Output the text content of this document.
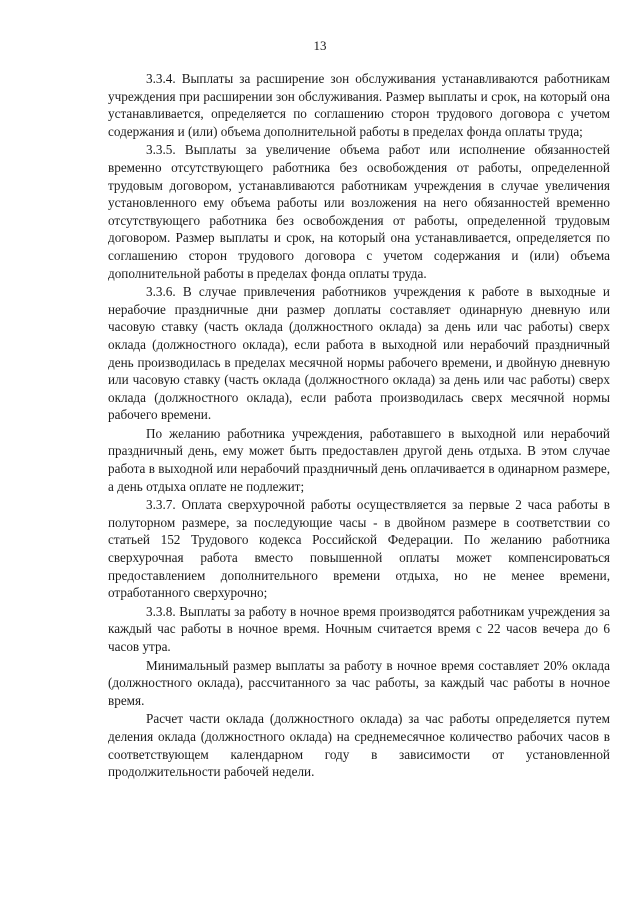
13

3.3.4. Выплаты за расширение зон обслуживания устанавливаются работникам учреждения при расширении зон обслуживания. Размер выплаты и срок, на который она устанавливается, определяется по соглашению сторон трудового договора с учетом содержания и (или) объема дополнительной работы в пределах фонда оплаты труда;

3.3.5. Выплаты за увеличение объема работ или исполнение обязанностей временно отсутствующего работника без освобождения от работы, определенной трудовым договором, устанавливаются работникам учреждения в случае увеличения установленного ему объема работы или возложения на него обязанностей временно отсутствующего работника без освобождения от работы, определенной трудовым договором. Размер выплаты и срок, на который она устанавливается, определяется по соглашению сторон трудового договора с учетом содержания и (или) объема дополнительной работы в пределах фонда оплаты труда.

3.3.6. В случае привлечения работников учреждения к работе в выходные и нерабочие праздничные дни размер доплаты составляет одинарную дневную или часовую ставку (часть оклада (должностного оклада) за день или час работы) сверх оклада (должностного оклада), если работа в выходной или нерабочий праздничный день производилась в пределах месячной нормы рабочего времени, и двойную дневную или часовую ставку (часть оклада (должностного оклада) за день или час работы) сверх оклада (должностного оклада), если работа производилась сверх месячной нормы рабочего времени.

По желанию работника учреждения, работавшего в выходной или нерабочий праздничный день, ему может быть предоставлен другой день отдыха. В этом случае работа в выходной или нерабочий праздничный день оплачивается в одинарном размере, а день отдыха оплате не подлежит;

3.3.7. Оплата сверхурочной работы осуществляется за первые 2 часа работы в полуторном размере, за последующие часы - в двойном размере в соответствии со статьей 152 Трудового кодекса Российской Федерации. По желанию работника сверхурочная работа вместо повышенной оплаты может компенсироваться предоставлением дополнительного времени отдыха, но не менее времени, отработанного сверхурочно;

3.3.8. Выплаты за работу в ночное время производятся работникам учреждения за каждый час работы в ночное время. Ночным считается время с 22 часов вечера до 6 часов утра.

Минимальный размер выплаты за работу в ночное время составляет 20% оклада (должностного оклада), рассчитанного за час работы, за каждый час работы в ночное время.

Расчет части оклада (должностного оклада) за час работы определяется путем деления оклада (должностного оклада) на среднемесячное количество рабочих часов в соответствующем календарном году в зависимости от установленной продолжительности рабочей недели.
